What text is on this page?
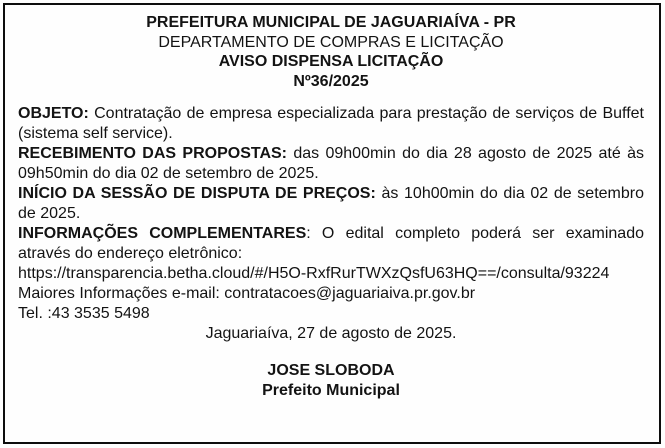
PREFEITURA MUNICIPAL DE JAGUARIAÍVA - PR
DEPARTAMENTO DE COMPRAS E LICITAÇÃO
AVISO DISPENSA LICITAÇÃO
Nº36/2025

OBJETO: Contratação de empresa especializada para prestação de serviços de Buffet (sistema self service).

RECEBIMENTO DAS PROPOSTAS: das 09h00min do dia 28 agosto de 2025 até às 09h50min do dia 02 de setembro de 2025.

INÍCIO DA SESSÃO DE DISPUTA DE PREÇOS: às 10h00min do dia 02 de setembro de 2025.

INFORMAÇÕES COMPLEMENTARES: O edital completo poderá ser examinado através do endereço eletrônico:

https://transparencia.betha.cloud/#/H5O-RxfRurTWXzQsfU63HQ==/consulta/93224

Maiores Informações e-mail: contratacoes@jaguariaiva.pr.gov.br

Tel. :43 3535 5498

Jaguariaíva, 27 de agosto de 2025.

JOSE SLOBODA
Prefeito Municipal
